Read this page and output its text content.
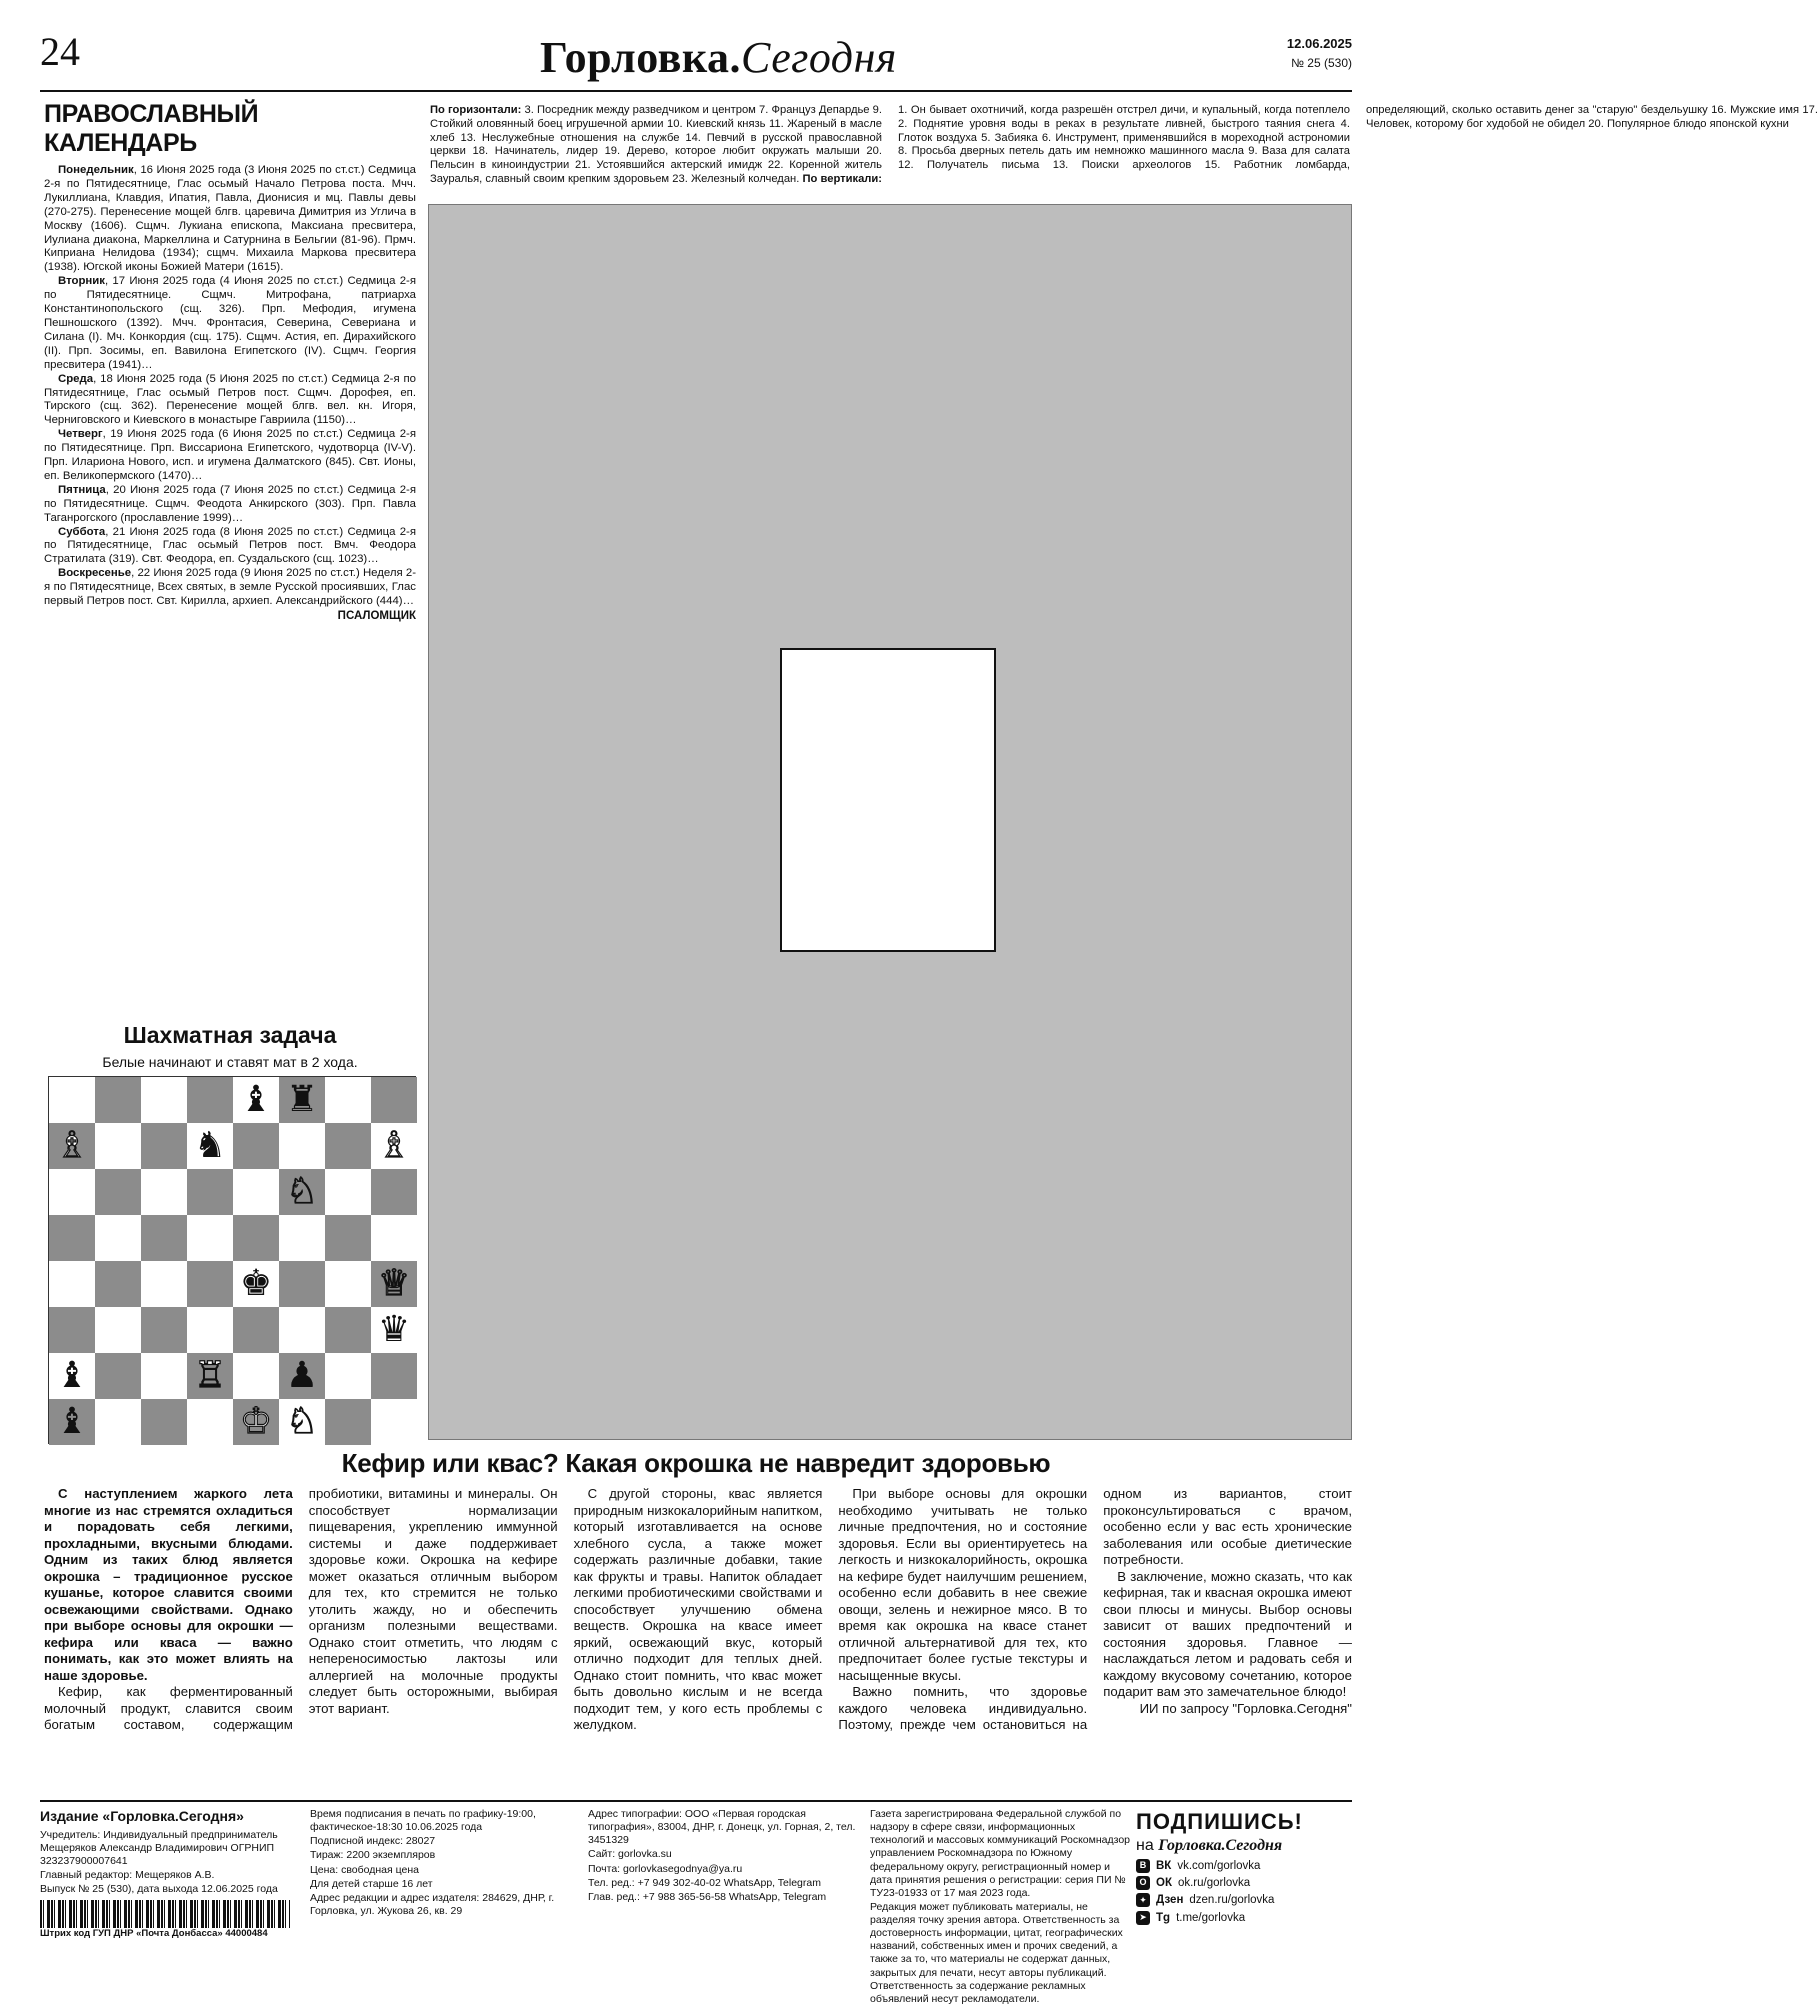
24	Горловка.Сегодня	12.06.2025
№ 25 (530)
ПРАВОСЛАВНЫЙ КАЛЕНДАРЬ

Понедельник, 16 Июня 2025 года (3 Июня 2025 по ст.ст.) Седмица 2-я по Пятидесятнице, Глас осьмый Начало Петрова поста. Мчч. Лукиллиана, Клавдия, Ипатия, Павла, Дионисия и мц. Павлы девы (270-275). Перенесение мощей блгв. царевича Димитрия из Углича в Москву (1606). Сщмч. Лукиана епископа, Максиана пресвитера, Иулиана диакона, Маркеллина и Сатурнина в Бельгии (81-96). Прмч. Киприана Нелидова (1934); сщмч. Михаила Маркова пресвитера (1938). Югской иконы Божией Матери (1615).

Вторник, 17 Июня 2025 года (4 Июня 2025 по ст.ст.) Седмица 2-я по Пятидесятнице. Сщмч. Митрофана, патриарха Константинопольского (сщ. 326). Прп. Мефодия, игумена Пешношского (1392). Мчч. Фронтасия, Северина, Севериана и Силана (I). Мч. Конкордия (сщ. 175). Сщмч. Астия, еп. Дирахийского (II). Прп. Зосимы, еп. Вавилона Египетского (IV). Сщмч. Георгия пресвитера (1941)…

Среда, 18 Июня 2025 года (5 Июня 2025 по ст.ст.) Седмица 2-я по Пятидесятнице, Глас осьмый Петров пост. Сщмч. Дорофея, еп. Тирского (сщ. 362). Перенесение мощей блгв. вел. кн. Игоря, Черниговского и Киевского в монастыре Гавриила (1150)…

Четверг, 19 Июня 2025 года (6 Июня 2025 по ст.ст.) Седмица 2-я по Пятидесятнице. Прп. Виссариона Египетского, чудотворца (IV-V). Прп. Илариона Нового, исп. и игумена Далматского (845). Свт. Ионы, еп. Великопермского (1470)…

Пятница, 20 Июня 2025 года (7 Июня 2025 по ст.ст.) Седмица 2-я по Пятидесятнице. Сщмч. Феодота Анкирского (303). Прп. Павла Таганрогского (прославление 1999)…

Суббота, 21 Июня 2025 года (8 Июня 2025 по ст.ст.) Седмица 2-я по Пятидесятнице, Глас осьмый Петров пост. Вмч. Феодора Стратилата (319). Свт. Феодора, еп. Суздальского (сщ. 1023)…

Воскресенье, 22 Июня 2025 года (9 Июня 2025 по ст.ст.) Неделя 2-я по Пятидесятнице, Всех святых, в земле Русской просиявших, Глас первый Петров пост. Свт. Кирилла, архиеп. Александрийского (444)…

ПСАЛОМЩИК

Шахматная задача
Белые начинают и ставят мат в 2 хода.
♝ ♜
♗	♞	♗
♘
♚	♕
♛
♝	♖ ♟
♝	♔ ♘
По горизонтали: 3. Посредник между разведчиком и центром 7. Француз Депардье 9. Стойкий оловянный боец игрушечной армии 10. Киевский князь 11. Жареный в масле хлеб 13. Неслужебные отношения на службе 14. Певчий в русской православной церкви 18. Начинатель, лидер 19. Дерево, которое любит окружать малыши 20. Пельсин в киноиндустрии 21. Устоявшийся актерский имидж 22. Коренной житель Зауралья, славный своим крепким здоровьем 23. Железный колчедан. По вертикали: 1. Он бывает охотничий, когда разрешён отстрел дичи, и купальный, когда потеплело 2. Поднятие уровня воды в реках в результате ливней, быстрого таяния снега 4. Глоток воздуха 5. Забияка 6. Инструмент, применявшийся в мореходной астрономии 8. Просьба дверных петель дать им немножко машинного масла 9. Ваза для салата 12. Получатель письма 13. Поиски археологов 15. Работник ломбарда, определяющий, сколько оставить денег за "старую" бездельушку 16. Мужские имя 17. Человек, которому бог худобой не обидел 20. Популярное блюдо японской кухни
Кефир или квас? Какая окрошка не навредит здоровью

С наступлением жаркого лета многие из нас стремятся охладиться и порадовать себя легкими, прохладными, вкусными блюдами. Одним из таких блюд является окрошка – традиционное русское кушанье, которое славится своими освежающими свойствами. Однако при выборе основы для окрошки — кефира или кваса — важно понимать, как это может влиять на наше здоровье.

Кефир, как ферментированный молочный продукт, славится своим богатым составом, содержащим пробиотики, витамины и минералы. Он способствует нормализации пищеварения, укреплению иммунной системы и даже поддерживает здоровье кожи. Окрошка на кефире может оказаться отличным выбором для тех, кто стремится не только утолить жажду, но и обеспечить организм полезными веществами. Однако стоит отметить, что людям с непереносимостью лактозы или аллергией на молочные продукты следует быть осторожными, выбирая этот вариант.

С другой стороны, квас является природным низкокалорийным напитком, который изготавливается на основе хлебного сусла, а также может содержать различные добавки, такие как фрукты и травы. Напиток обладает легкими пробиотическими свойствами и способствует улучшению обмена веществ. Окрошка на квасе имеет яркий, освежающий вкус, который отлично подходит для теплых дней. Однако стоит помнить, что квас может быть довольно кислым и не всегда подходит тем, у кого есть проблемы с желудком.

При выборе основы для окрошки необходимо учитывать не только личные предпочтения, но и состояние здоровья. Если вы ориентируетесь на легкость и низкокалорийность, окрошка на кефире будет наилучшим решением, особенно если добавить в нее свежие овощи, зелень и нежирное мясо. В то время как окрошка на квасе станет отличной альтернативой для тех, кто предпочитает более густые текстуры и насыщенные вкусы.

Важно помнить, что здоровье каждого человека индивидуально. Поэтому, прежде чем остановиться на одном из вариантов, стоит проконсультироваться с врачом, особенно если у вас есть хронические заболевания или особые диетические потребности.

В заключение, можно сказать, что как кефирная, так и квасная окрошка имеют свои плюсы и минусы. Выбор основы зависит от ваших предпочтений и состояния здоровья. Главное — наслаждаться летом и радовать себя и каждому вкусовому сочетанию, которое подарит вам это замечательное блюдо!

ИИ по запросу "Горловка.Сегодня"

Издание «Горловка.Сегодня»

Учредитель: Индивидуальный предприниматель Мещеряков Александр Владимирович ОГРНИП 323237900007641

Главный редактор: Мещеряков А.В.

Выпуск № 25 (530), дата выхода 12.06.2025 года

Штрих код ГУП ДНР «Почта Донбасса» 44000484

Время подписания в печать по графику-19:00, фактическое-18:30 10.06.2025 года

Подписной индекс: 28027

Тираж: 2200 экземпляров

Цена: свободная цена

Для детей старше 16 лет

Адрес редакции и адрес издателя: 284629, ДНР, г. Горловка, ул. Жукова 26, кв. 29

Адрес типографии: ООО «Первая городская типография», 83004, ДНР, г. Донецк, ул. Горная, 2, тел. 3451329

Сайт: gorlovka.su

Почта: gorlovkasegodnya@ya.ru

Тел. ред.: +7 949 302-40-02 WhatsApp, Telegram

Глав. ред.: +7 988 365-56-58 WhatsApp, Telegram

Газета зарегистрирована Федеральной службой по надзору в сфере связи, информационных технологий и массовых коммуникаций Роскомнадзор управлением Роскомнадзора по Южному федеральному округу, регистрационный номер и дата принятия решения о регистрации: серия ПИ № ТУ23-01933 от 17 мая 2023 года.

Редакция может публиковать материалы, не разделяя точку зрения автора. Ответственность за достоверность информации, цитат, географических названий, собственных имен и прочих сведений, а также за то, что материалы не содержат данных, закрытых для печати, несут авторы публикаций. Ответственность за содержание рекламных объявлений несут рекламодатели.

ПОДПИШИСЬ!
на Горловка.Сегодня
В ВК vk.com/gorlovka
О ОК ok.ru/gorlovka
✦ Дзен dzen.ru/gorlovka
➤ Tg t.me/gorlovka
